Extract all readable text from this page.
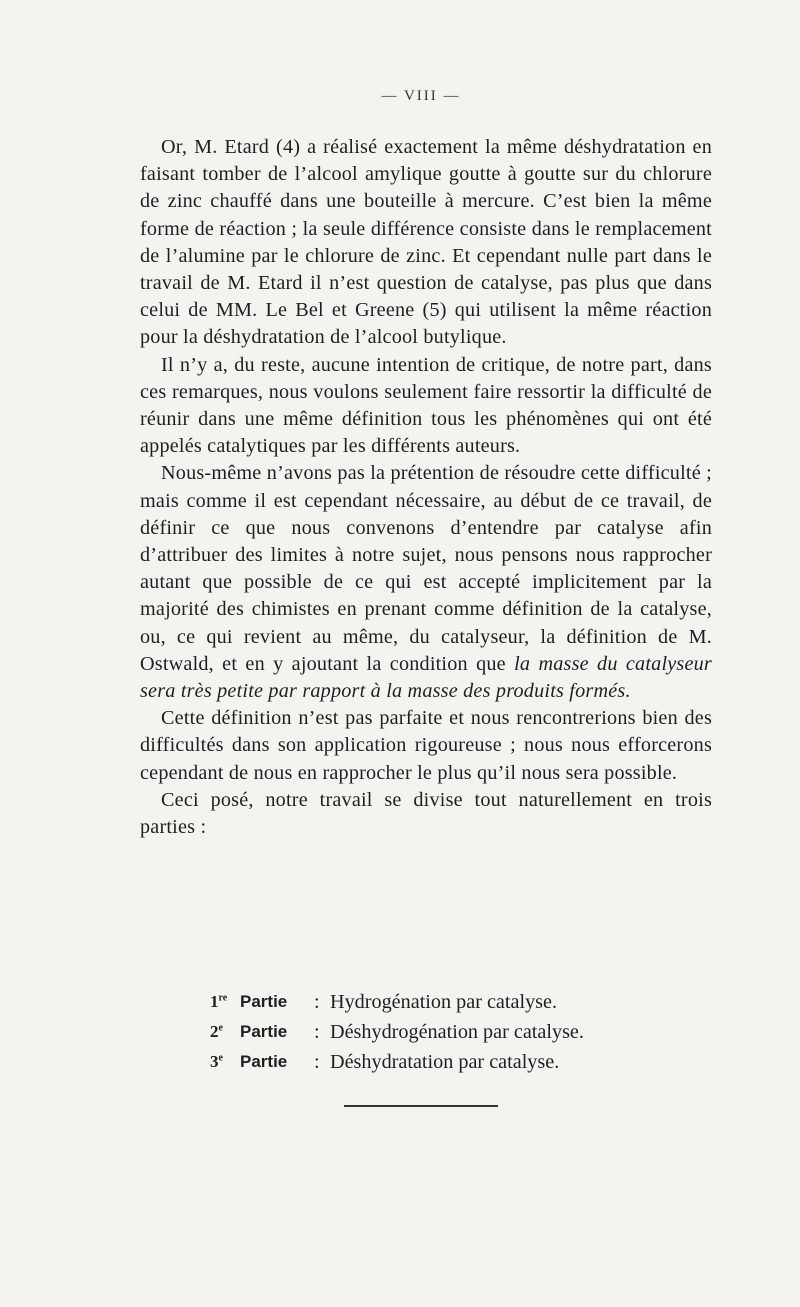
— VIII —

Or, M. Etard (4) a réalisé exactement la même déshydratation en faisant tomber de l’alcool amylique goutte à goutte sur du chlorure de zinc chauffé dans une bouteille à mercure. C’est bien la même forme de réaction ; la seule différence consiste dans le remplacement de l’alumine par le chlorure de zinc. Et cependant nulle part dans le travail de M. Etard il n’est question de catalyse, pas plus que dans celui de MM. Le Bel et Greene (5) qui utilisent la même réaction pour la déshydratation de l’alcool butylique.

Il n’y a, du reste, aucune intention de critique, de notre part, dans ces remarques, nous voulons seulement faire ressortir la difficulté de réunir dans une même définition tous les phénomènes qui ont été appelés catalytiques par les différents auteurs.

Nous-même n’avons pas la prétention de résoudre cette difficulté ; mais comme il est cependant nécessaire, au début de ce travail, de définir ce que nous convenons d’entendre par catalyse afin d’attribuer des limites à notre sujet, nous pensons nous rapprocher autant que possible de ce qui est accepté implicitement par la majorité des chimistes en prenant comme définition de la catalyse, ou, ce qui revient au même, du catalyseur, la définition de M. Ostwald, et en y ajoutant la condition que la masse du catalyseur sera très petite par rapport à la masse des produits formés.

Cette définition n’est pas parfaite et nous rencontrerions bien des difficultés dans son application rigoureuse ; nous nous efforcerons cependant de nous en rapprocher le plus qu’il nous sera possible.

Ceci posé, notre travail se divise tout naturellement en trois parties :

1re Partie	: Hydrogénation par catalyse.
2e	Partie	: Déshydrogénation par catalyse.
3e	Partie	: Déshydratation par catalyse.
